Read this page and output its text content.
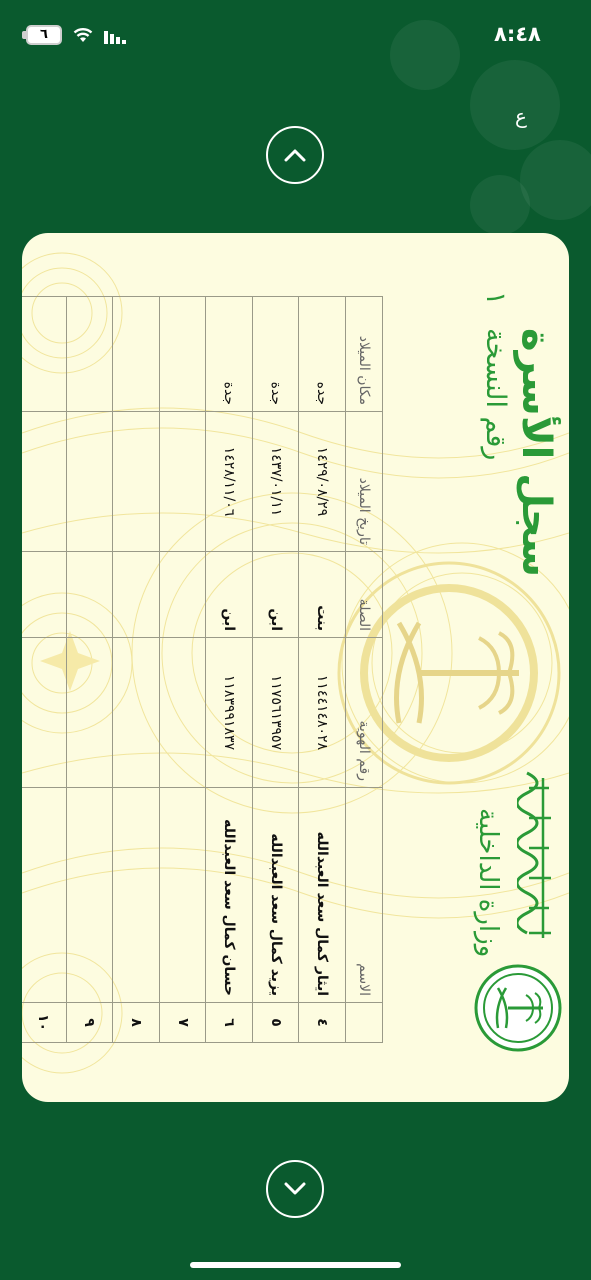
٨:٤٨
٦
ع
سجل الأسرة
رقم النسخة ١
وزارة الداخلية
	الاسم	رقم الهوية	الصلة	تاريخ الميلاد	مكان الميلاد
٤	ايثار كمال سعد العبدالله	١١٤٤١٤٨٠٢٨	بنت	١٤٢٩/٠٨/٢٩	جده
٥	يزيد كمال سعد العبدالله	١١٧٥٦١٣٩٥٧	ابن	١٤٣٧/٠١/١١	جدة
٦	حسان كمال سعد العبدالله	١١٨٣٩٩١٨٣٧	ابن	١٤٢٨/١١/٠٦	جدة
٧					
٨					
٩					
١٠					
